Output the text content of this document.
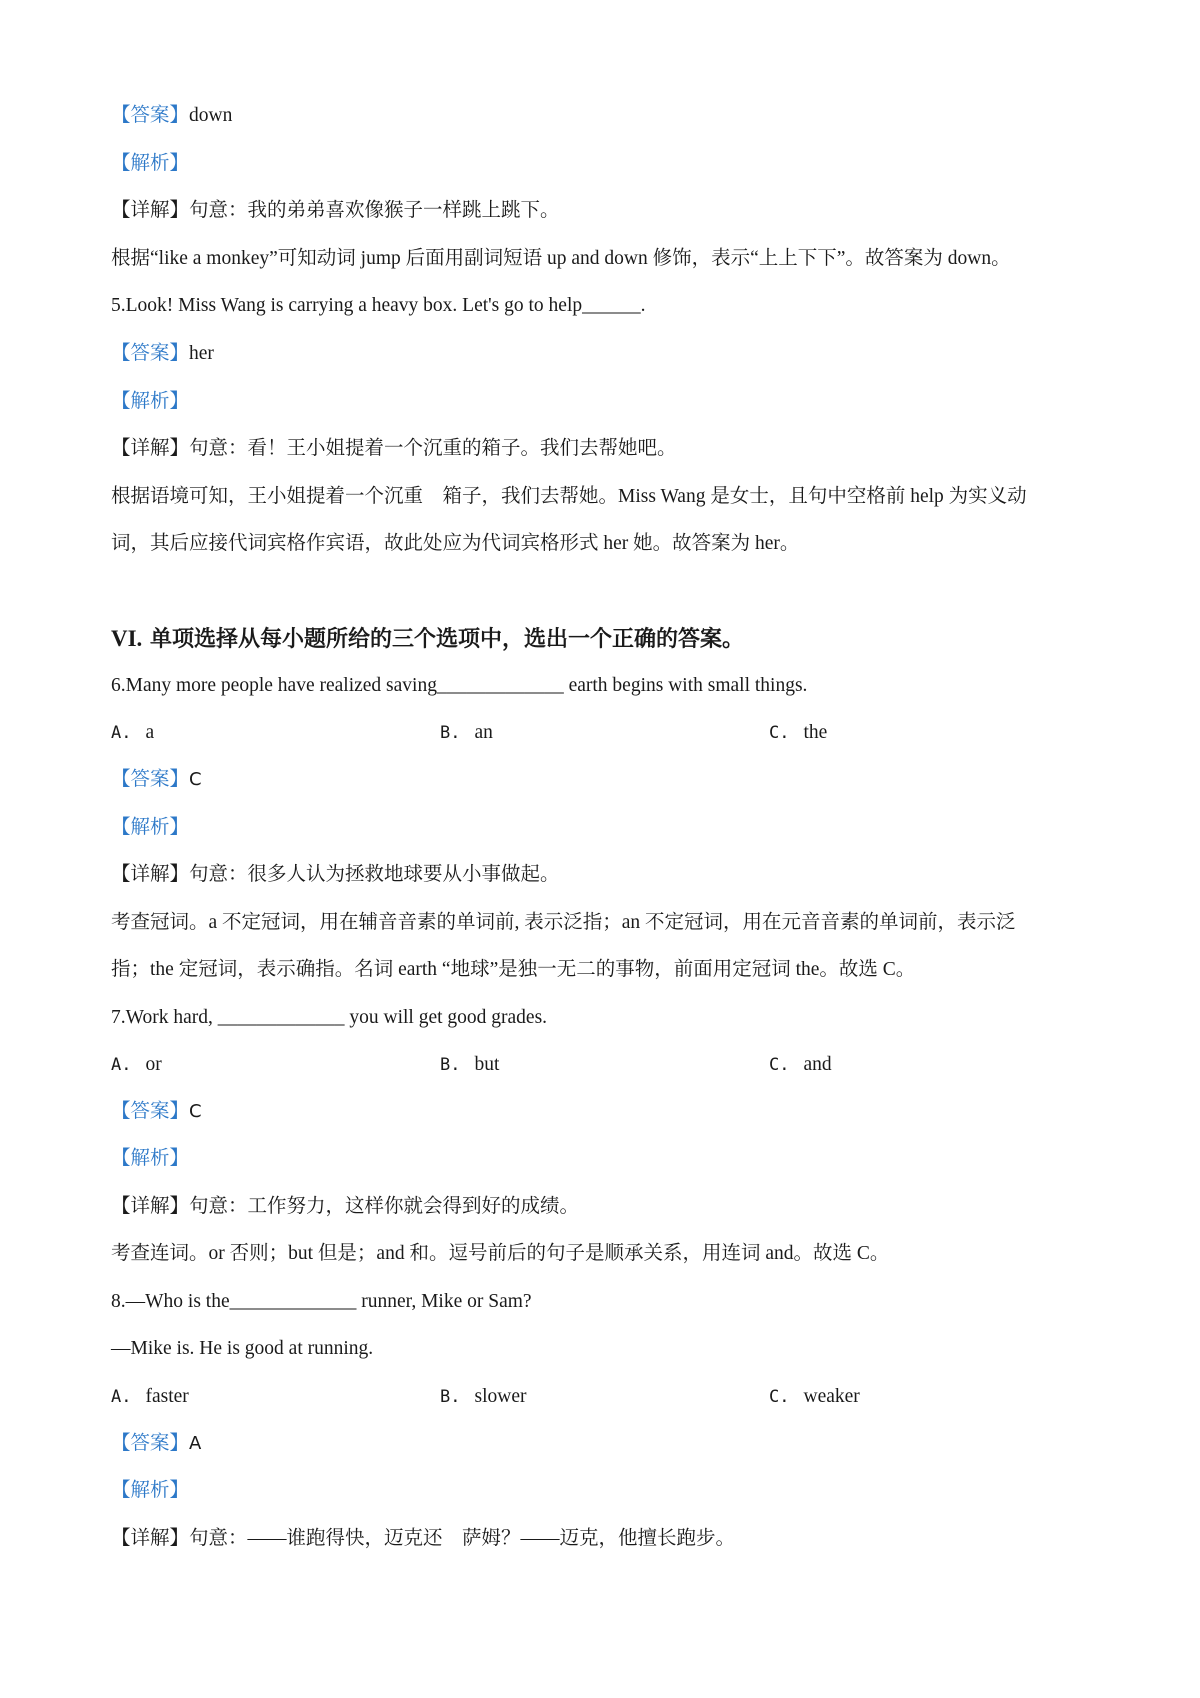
【答案】down
【解析】
【详解】句意：我的弟弟喜欢像猴子一样跳上跳下。
根据“like a monkey”可知动词 jump 后面用副词短语 up and down 修饰，表示“上上下下”。故答案为 down。
5.Look! Miss Wang is carrying a heavy box. Let's go to help______.
【答案】her
【解析】
【详解】句意：看！王小姐提着一个沉重的箱子。我们去帮她吧。
根据语境可知，王小姐提着一个沉重　箱子，我们去帮她。Miss Wang 是女士，且句中空格前 help 为实义动
词，其后应接代词宾格作宾语，故此处应为代词宾格形式 her 她。故答案为 her。
VI. 单项选择从每小题所给的三个选项中，选出一个正确的答案。
6.Many more people have realized saving_____________ earth begins with small things.
A. a	B. an	C. the
【答案】C
【解析】
【详解】句意：很多人认为拯救地球要从小事做起。
考查冠词。a 不定冠词，用在辅音音素的单词前, 表示泛指；an 不定冠词，用在元音音素的单词前，表示泛
指；the 定冠词，表示确指。名词 earth “地球”是独一无二的事物，前面用定冠词 the。故选 C。
7.Work hard, _____________ you will get good grades.
A. or	B. but	C. and
【答案】C
【解析】
【详解】句意：工作努力，这样你就会得到好的成绩。
考查连词。or 否则；but 但是；and 和。逗号前后的句子是顺承关系，用连词 and。故选 C。
8.—Who is the_____________ runner, Mike or Sam?
—Mike is. He is good at running.
A. faster	B. slower	C. weaker
【答案】A
【解析】
【详解】句意：——谁跑得快，迈克还　萨姆？——迈克，他擅长跑步。
